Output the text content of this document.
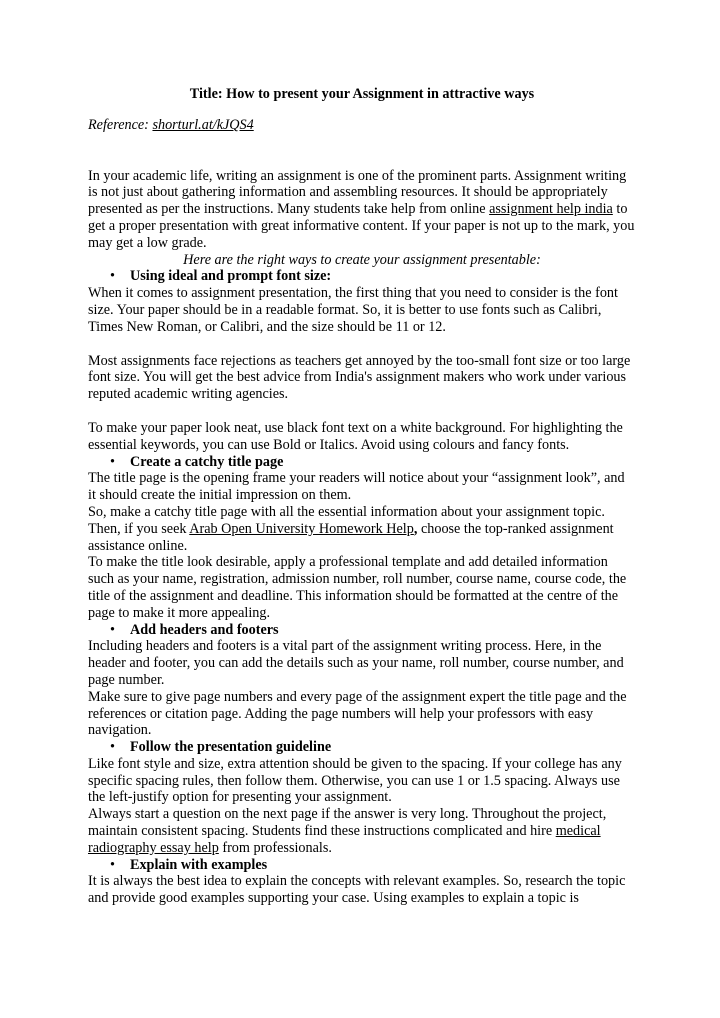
Title: How to present your Assignment in attractive ways

Reference: shorturl.at/kJQS4

In your academic life, writing an assignment is one of the prominent parts. Assignment writing is not just about gathering information and assembling resources. It should be appropriately presented as per the instructions. Many students take help from online assignment help india to get a proper presentation with great informative content. If your paper is not up to the mark, you may get a low grade.

Here are the right ways to create your assignment presentable:

• Using ideal and prompt font size:

When it comes to assignment presentation, the first thing that you need to consider is the font size. Your paper should be in a readable format. So, it is better to use fonts such as Calibri, Times New Roman, or Calibri, and the size should be 11 or 12.

Most assignments face rejections as teachers get annoyed by the too-small font size or too large font size. You will get the best advice from India's assignment makers who work under various reputed academic writing agencies.

To make your paper look neat, use black font text on a white background. For highlighting the essential keywords, you can use Bold or Italics. Avoid using colours and fancy fonts.

• Create a catchy title page

The title page is the opening frame your readers will notice about your “assignment look”, and it should create the initial impression on them.

So, make a catchy title page with all the essential information about your assignment topic. Then, if you seek Arab Open University Homework Help, choose the top-ranked assignment assistance online.

To make the title look desirable, apply a professional template and add detailed information such as your name, registration, admission number, roll number, course name, course code, the title of the assignment and deadline. This information should be formatted at the centre of the page to make it more appealing.

• Add headers and footers

Including headers and footers is a vital part of the assignment writing process. Here, in the header and footer, you can add the details such as your name, roll number, course number, and page number.

Make sure to give page numbers and every page of the assignment expert the title page and the references or citation page. Adding the page numbers will help your professors with easy navigation.

• Follow the presentation guideline

Like font style and size, extra attention should be given to the spacing. If your college has any specific spacing rules, then follow them. Otherwise, you can use 1 or 1.5 spacing. Always use the left-justify option for presenting your assignment.

Always start a question on the next page if the answer is very long. Throughout the project, maintain consistent spacing. Students find these instructions complicated and hire medical radiography essay help from professionals.

• Explain with examples

It is always the best idea to explain the concepts with relevant examples. So, research the topic and provide good examples supporting your case. Using examples to explain a topic is
